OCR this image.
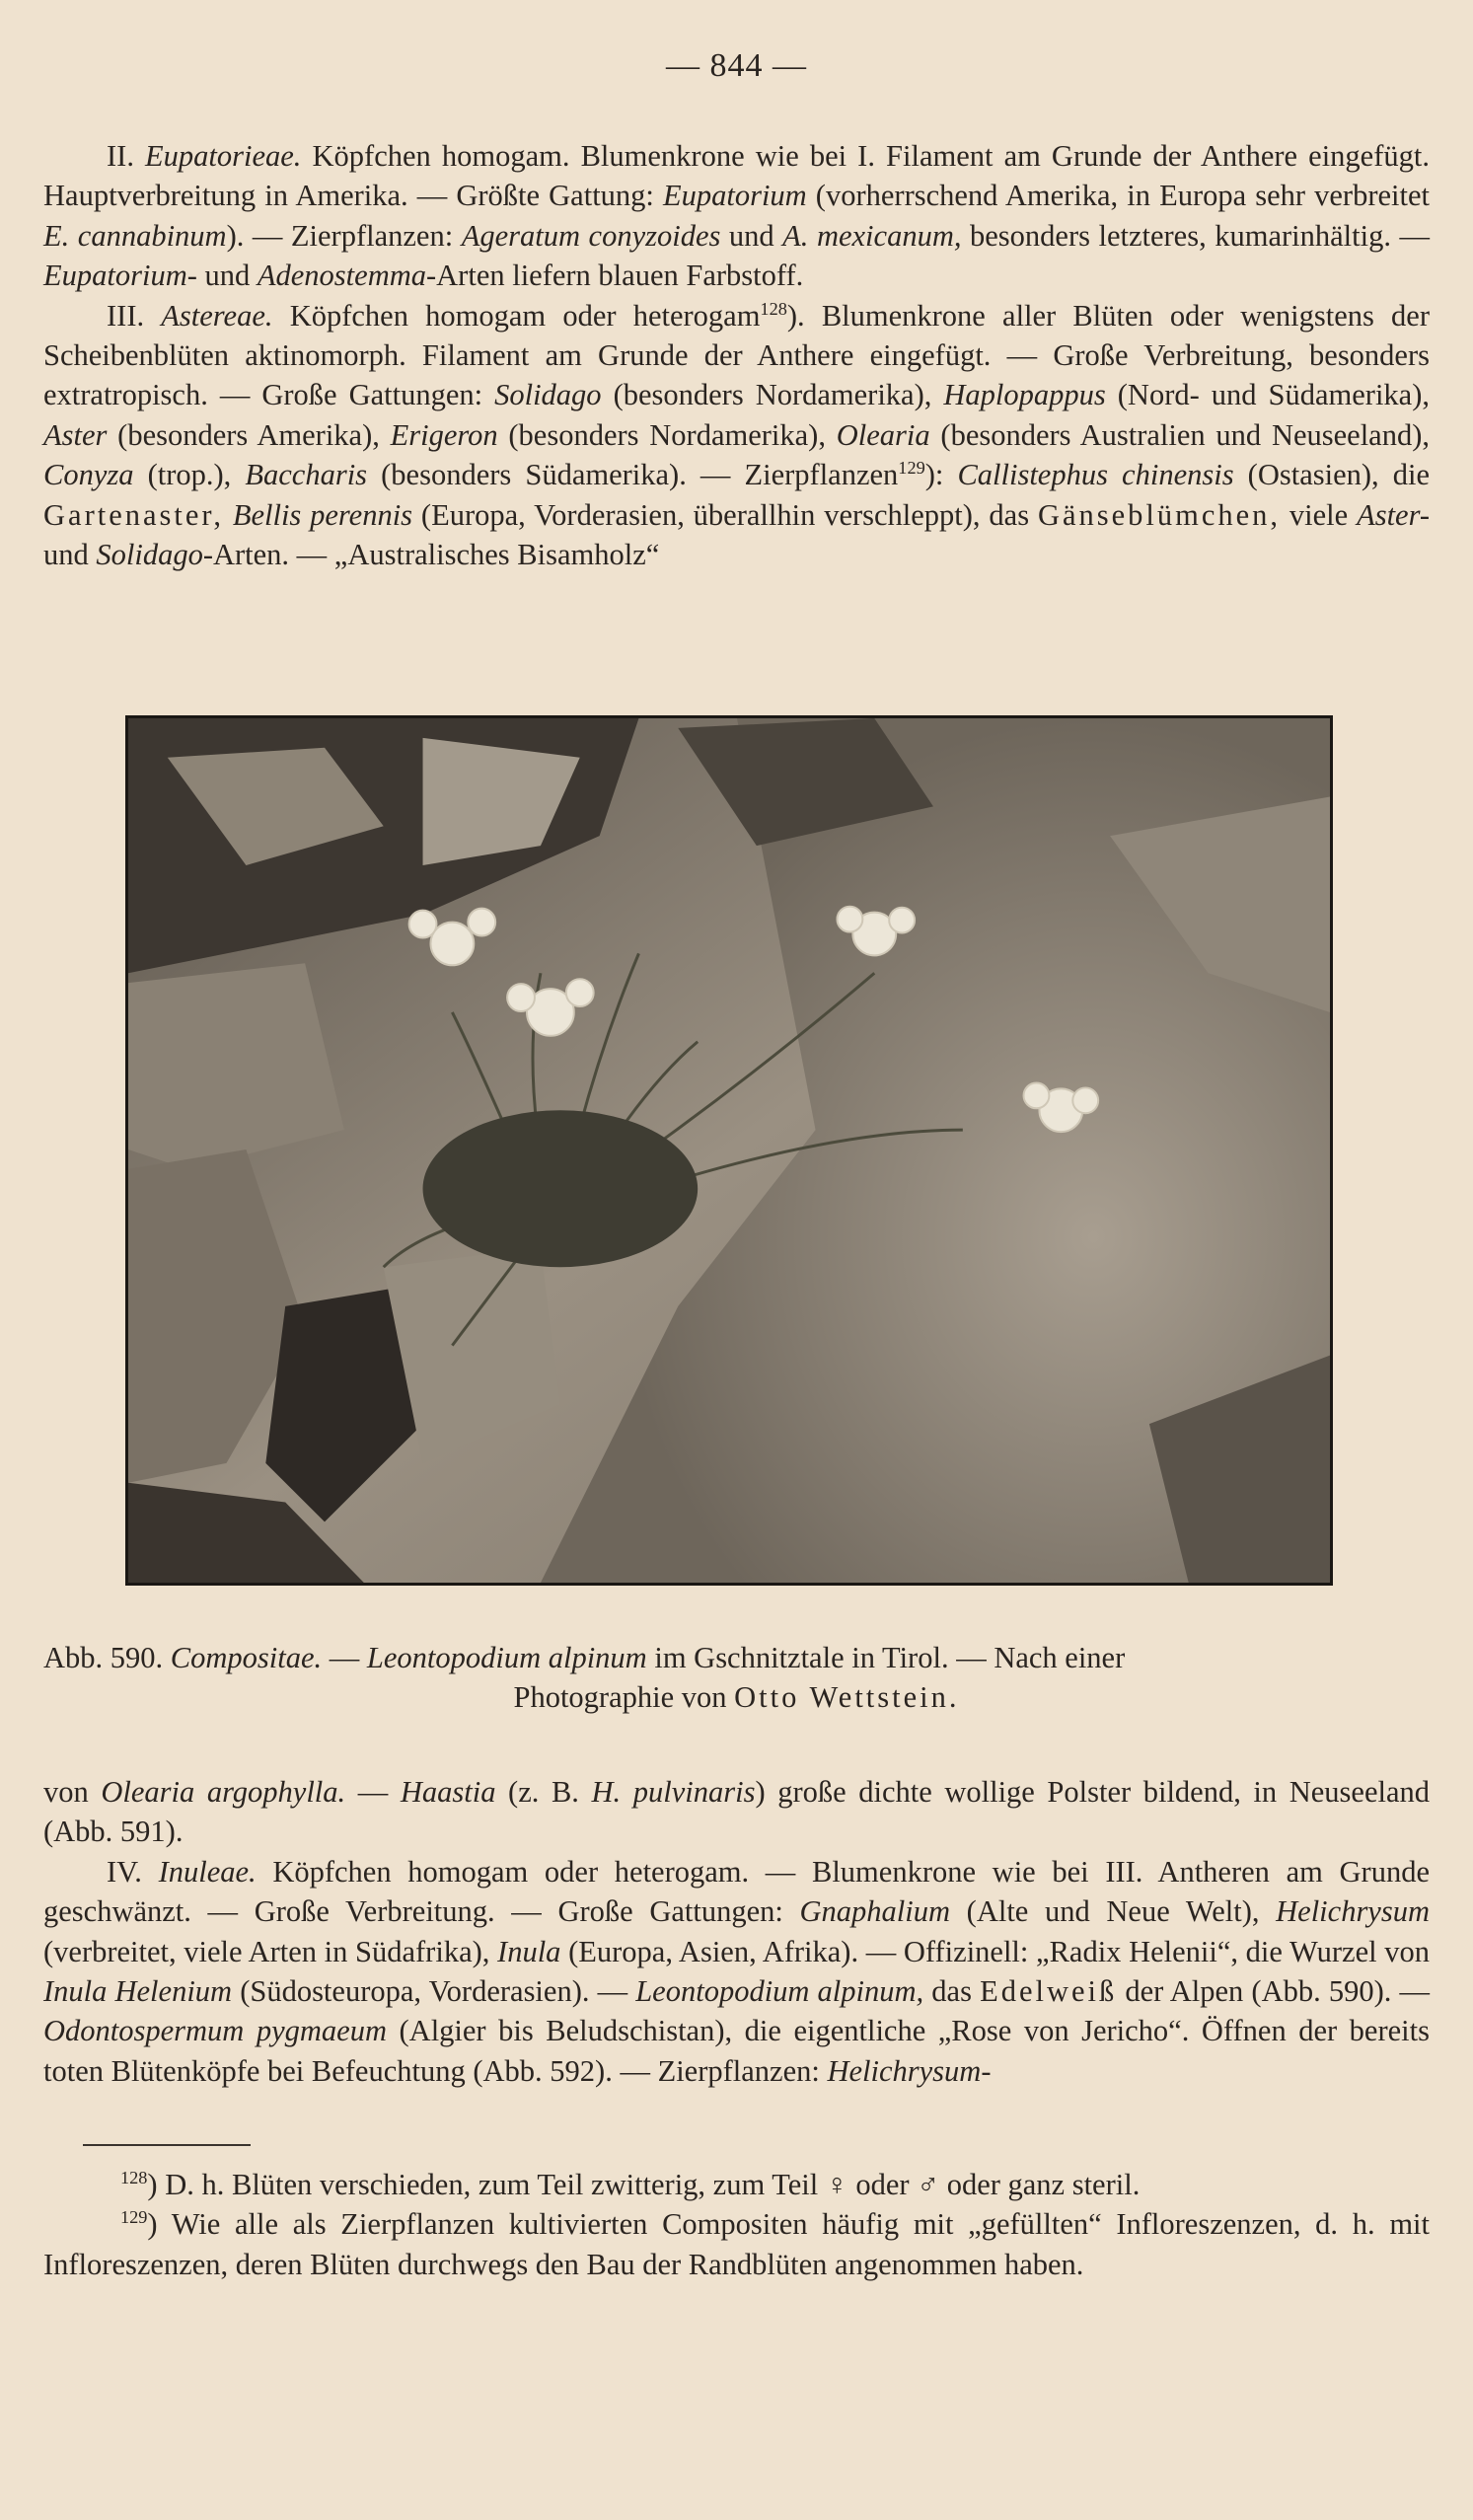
— 844 —

II. Eupatorieae. Köpfchen homogam. Blumenkrone wie bei I. Filament am Grunde der Anthere eingefügt. Hauptverbreitung in Amerika. — Größte Gattung: Eupatorium (vorherrschend Amerika, in Europa sehr verbreitet E. cannabinum). — Zierpflanzen: Ageratum conyzoides und A. mexicanum, besonders letzteres, kumarinhältig. — Eupatorium- und Adenostemma-Arten liefern blauen Farbstoff.

III. Astereae. Köpfchen homogam oder heterogam$^{128}$). Blumenkrone aller Blüten oder wenigstens der Scheibenblüten aktinomorph. Filament am Grunde der Anthere eingefügt. — Große Verbreitung, besonders extratropisch. — Große Gattungen: Solidago (besonders Nordamerika), Haplopappus (Nord- und Südamerika), Aster (besonders Amerika), Erigeron (besonders Nordamerika), Olearia (besonders Australien und Neuseeland), Conyza (trop.), Baccharis (besonders Südamerika). — Zierpflanzen$^{129}$): Callistephus chinensis (Ostasien), die Gartenaster, Bellis perennis (Europa, Vorderasien, überallhin verschleppt), das Gänseblümchen, viele Aster- und Solidago-Arten. — „Australisches Bisamholz“

Abb. 590. Compositae. — Leontopodium alpinum im Gschnitztale in Tirol. — Nach einer
Photographie von Otto Wettstein.

von Olearia argophylla. — Haastia (z. B. H. pulvinaris) große dichte wollige Polster bildend, in Neuseeland (Abb. 591).

IV. Inuleae. Köpfchen homogam oder heterogam. — Blumenkrone wie bei III. Antheren am Grunde geschwänzt. — Große Verbreitung. — Große Gattungen: Gnaphalium (Alte und Neue Welt), Helichrysum (verbreitet, viele Arten in Südafrika), Inula (Europa, Asien, Afrika). — Offizinell: „Radix Helenii“, die Wurzel von Inula Helenium (Südosteuropa, Vorderasien). — Leontopodium alpinum, das Edelweiß der Alpen (Abb. 590). — Odontospermum pygmaeum (Algier bis Beludschistan), die eigentliche „Rose von Jericho“. Öffnen der bereits toten Blütenköpfe bei Befeuchtung (Abb. 592). — Zierpflanzen: Helichrysum-

$^{128}$) D. h. Blüten verschieden, zum Teil zwitterig, zum Teil ♀ oder ♂ oder ganz steril.

$^{129}$) Wie alle als Zierpflanzen kultivierten Compositen häufig mit „gefüllten“ Infloreszenzen, d. h. mit Infloreszenzen, deren Blüten durchwegs den Bau der Randblüten angenommen haben.
